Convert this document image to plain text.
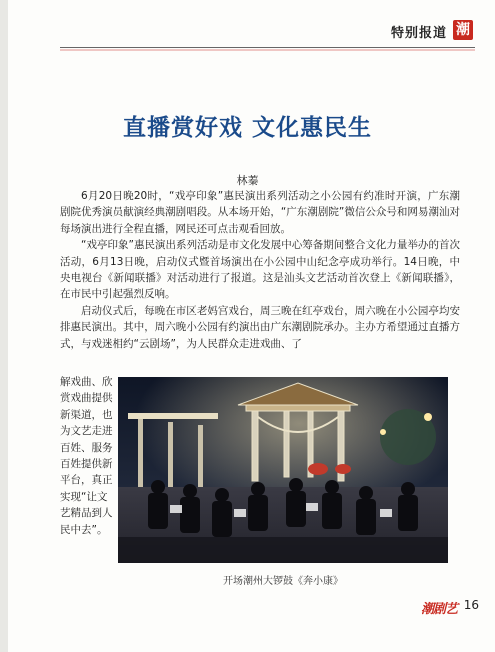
特别报道 潮
直播赏好戏 文化惠民生
林蓁

6月20日晚20时，“戏亭印象”惠民演出系列活动之小公园有约准时开演，广东潮剧院优秀演员献演经典潮剧唱段。从本场开始，“广东潮剧院”微信公众号和网易潮汕对每场演出进行全程直播，网民还可点击观看回放。

“戏亭印象”惠民演出系列活动是市文化发展中心筹备期间整合文化力量举办的首次活动，6月13日晚，启动仪式暨首场演出在小公园中山纪念亭成功举行。14日晚，中央电视台《新闻联播》对活动进行了报道。这是汕头文艺活动首次登上《新闻联播》，在市民中引起强烈反响。

启动仪式后，每晚在市区老妈宫戏台，周三晚在红亭戏台，周六晚在小公园亭均安排惠民演出。其中，周六晚小公园有约演出由广东潮剧院承办。主办方希望通过直播方式，与戏迷相约“云剧场”，为人民群众走进戏曲、了

解戏曲、欣赏戏曲提供新渠道，也为文艺走进百姓、服务百姓提供新平台，真正实现“让文艺精品到人民中去”。
开场潮州大锣鼓《奔小康》
潮剧艺 16
